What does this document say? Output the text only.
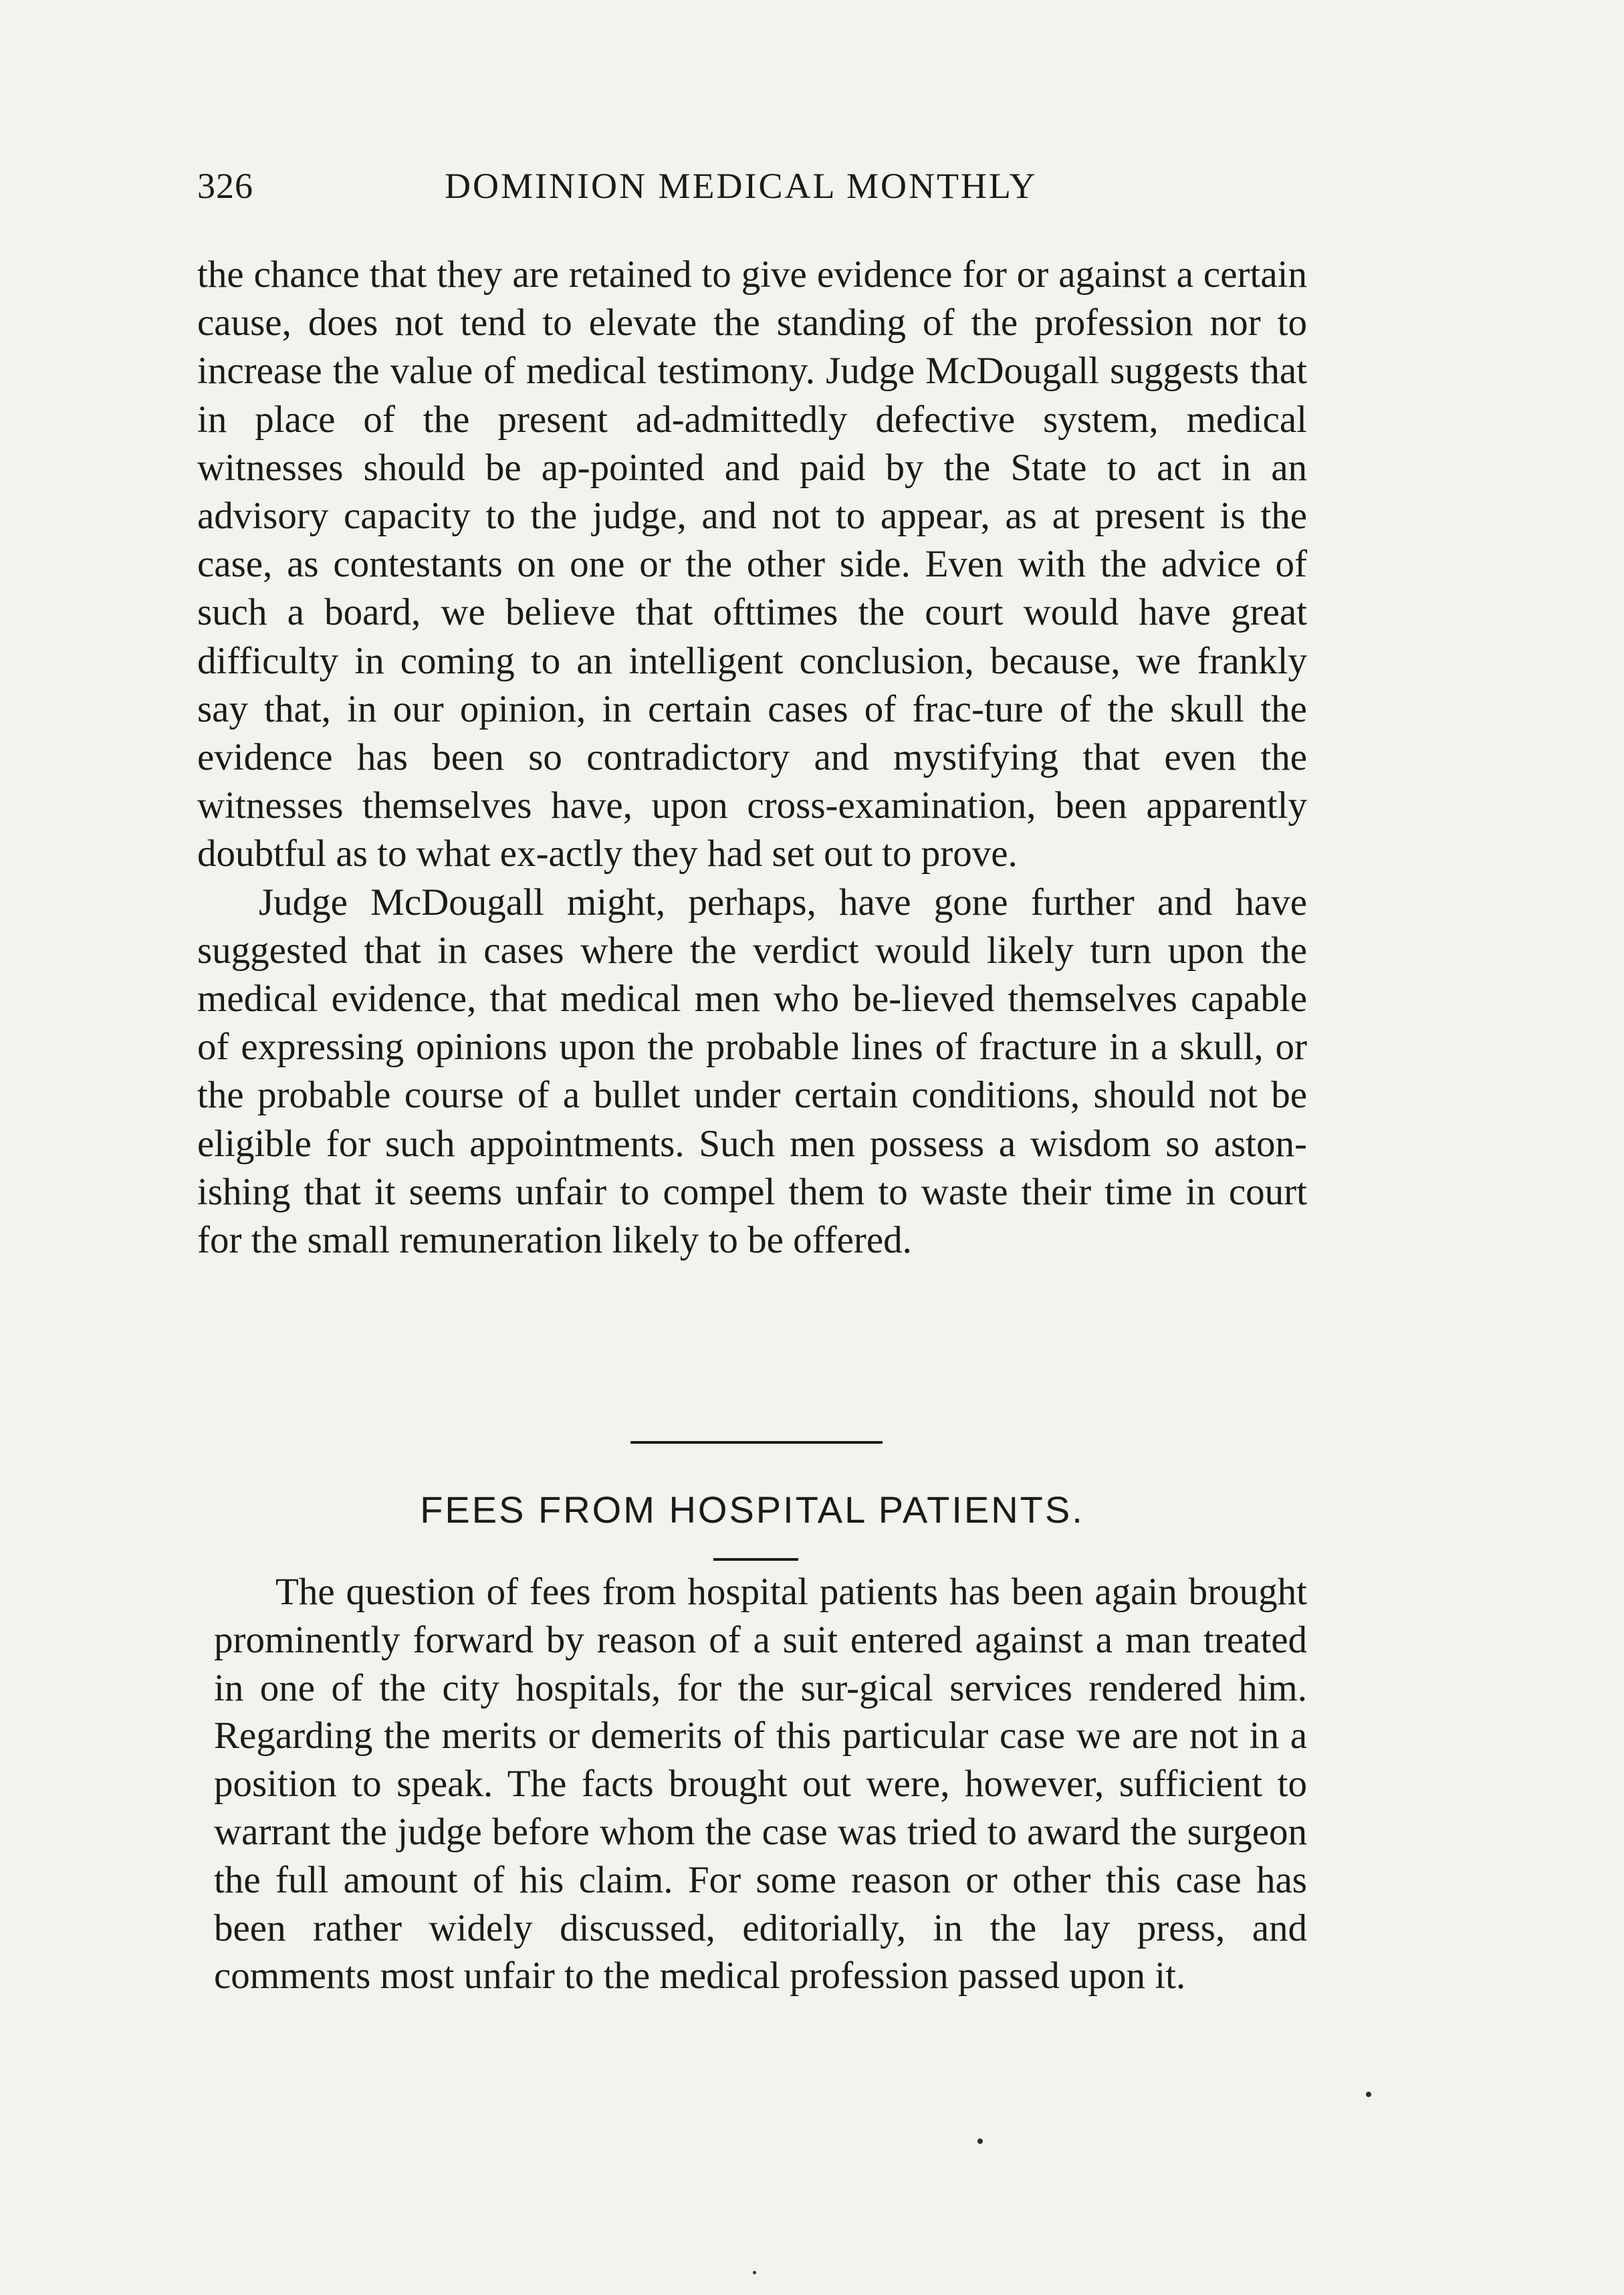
326	DOMINION MEDICAL MONTHLY

the chance that they are retained to give evidence for or against a certain cause, does not tend to elevate the standing of the profession nor to increase the value of medical testimony. Judge McDougall suggests that in place of the present ad-admittedly defective system, medical witnesses should be ap-pointed and paid by the State to act in an advisory capacity to the judge, and not to appear, as at present is the case, as contestants on one or the other side. Even with the advice of such a board, we believe that ofttimes the court would have great difficulty in coming to an intelligent conclusion, because, we frankly say that, in our opinion, in certain cases of frac-ture of the skull the evidence has been so contradictory and mystifying that even the witnesses themselves have, upon cross-examination, been apparently doubtful as to what ex-actly they had set out to prove.

Judge McDougall might, perhaps, have gone further and have suggested that in cases where the verdict would likely turn upon the medical evidence, that medical men who be-lieved themselves capable of expressing opinions upon the probable lines of fracture in a skull, or the probable course of a bullet under certain conditions, should not be eligible for such appointments. Such men possess a wisdom so aston-ishing that it seems unfair to compel them to waste their time in court for the small remuneration likely to be offered.

FEES FROM HOSPITAL PATIENTS.

The question of fees from hospital patients has been again brought prominently forward by reason of a suit entered against a man treated in one of the city hospitals, for the sur-gical services rendered him. Regarding the merits or demerits of this particular case we are not in a position to speak. The facts brought out were, however, sufficient to warrant the judge before whom the case was tried to award the surgeon the full amount of his claim. For some reason or other this case has been rather widely discussed, editorially, in the lay press, and comments most unfair to the medical profession passed upon it.
